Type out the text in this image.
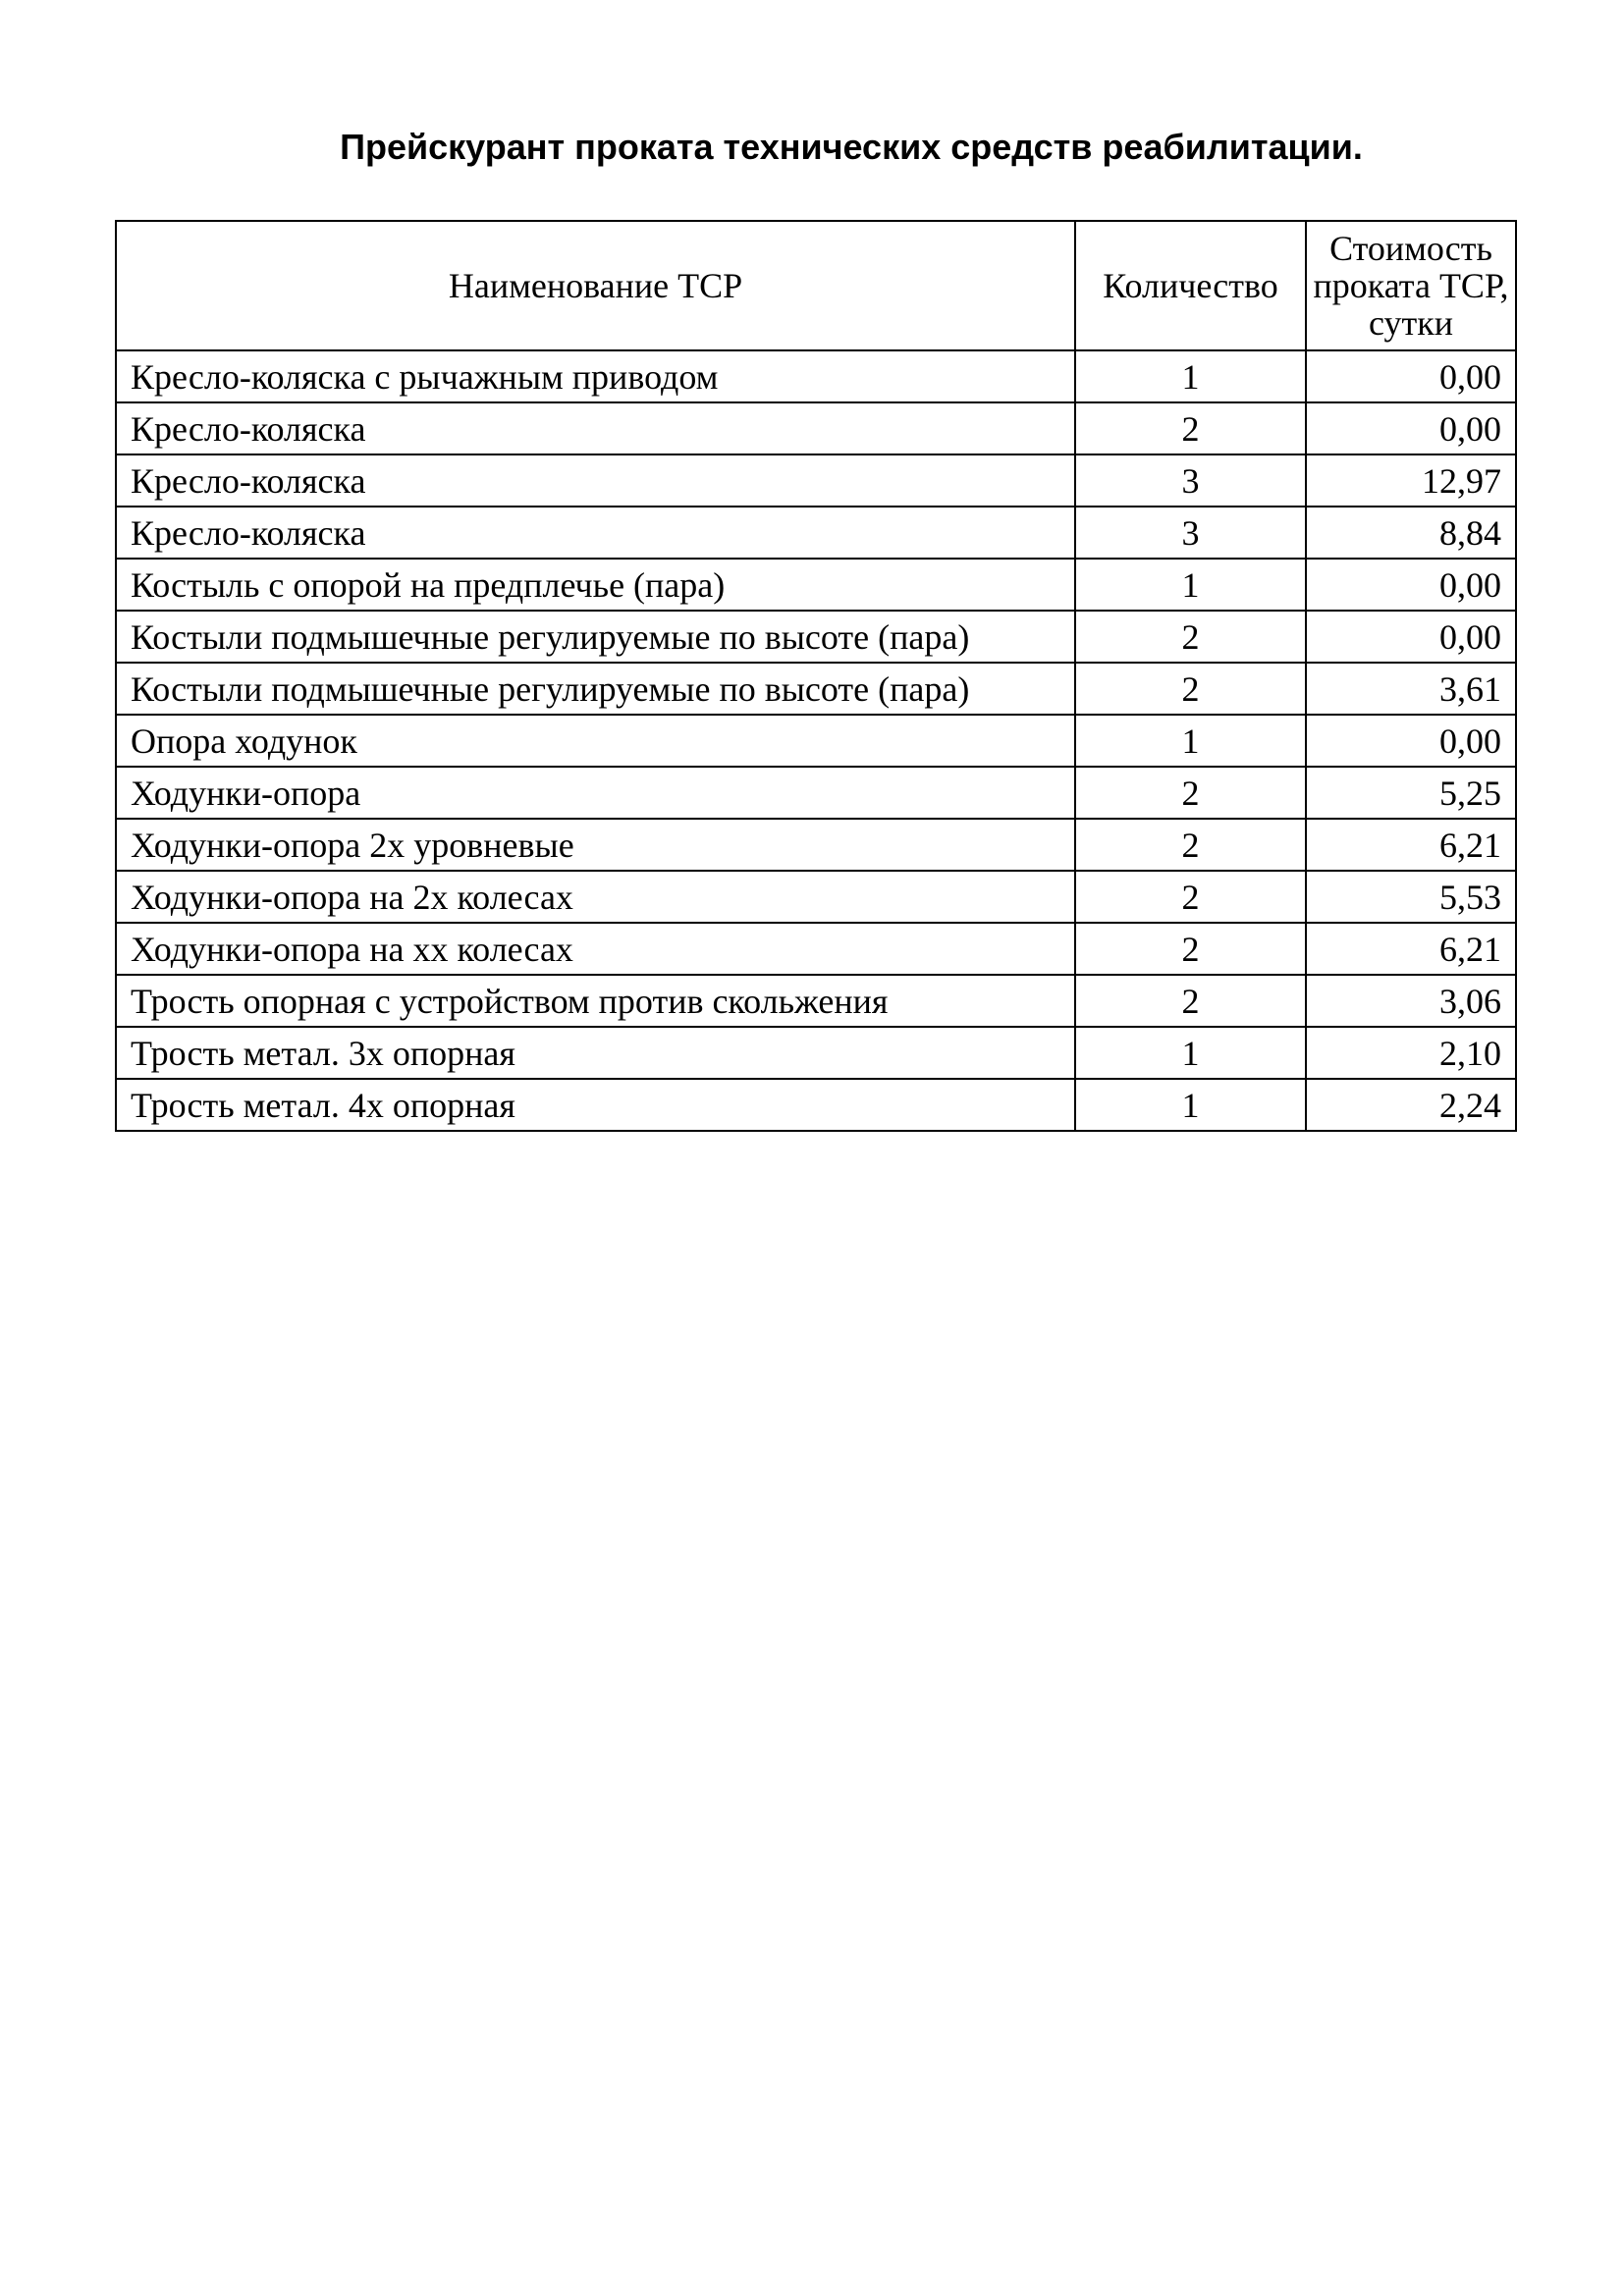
Прейскурант проката технических средств реабилитации.
Наименование ТСР	Количество	Стоимость проката ТСР, сутки
Кресло-коляска с рычажным приводом	1	0,00
Кресло-коляска	2	0,00
Кресло-коляска	3	12,97
Кресло-коляска	3	8,84
Костыль с опорой на предплечье (пара)	1	0,00
Костыли подмышечные регулируемые по высоте (пара)	2	0,00
Костыли подмышечные регулируемые по высоте (пара)	2	3,61
Опора ходунок	1	0,00
Ходунки-опора	2	5,25
Ходунки-опора 2х уровневые	2	6,21
Ходунки-опора на 2х колесах	2	5,53
Ходунки-опора на хх колесах	2	6,21
Трость опорная с устройством против скольжения	2	3,06
Трость метал. 3х опорная	1	2,10
Трость метал. 4х опорная	1	2,24
